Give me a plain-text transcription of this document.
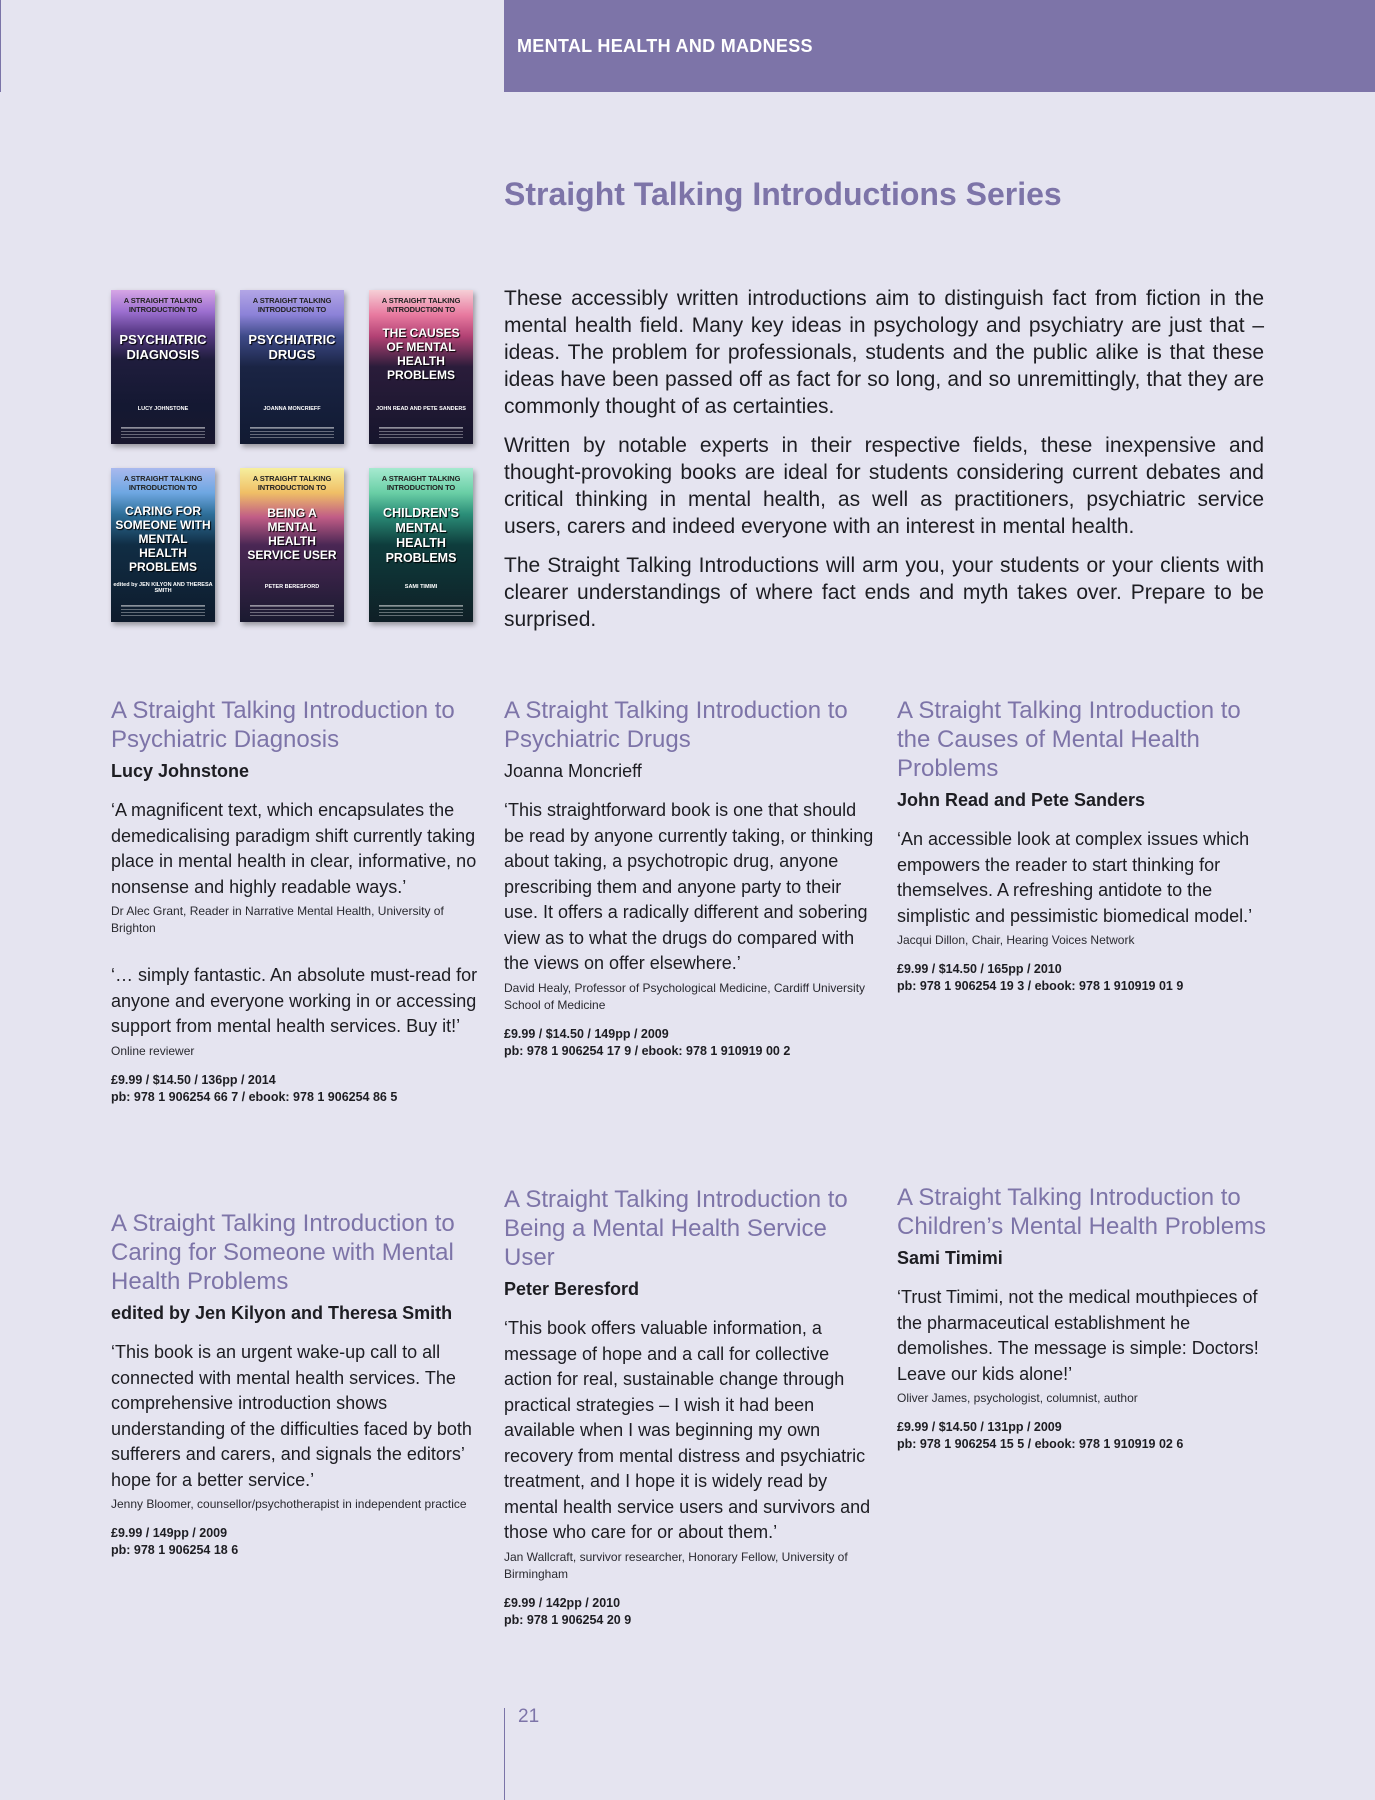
MENTAL HEALTH AND MADNESS
Straight Talking Introductions Series
A STRAIGHT TALKING INTRODUCTION TO
PSYCHIATRIC DIAGNOSIS
LUCY JOHNSTONE
A STRAIGHT TALKING INTRODUCTION TO
PSYCHIATRIC DRUGS
JOANNA MONCRIEFF
A STRAIGHT TALKING INTRODUCTION TO
THE CAUSES OF MENTAL HEALTH PROBLEMS
JOHN READ AND PETE SANDERS
A STRAIGHT TALKING INTRODUCTION TO
CARING FOR SOMEONE WITH MENTAL HEALTH PROBLEMS
edited by JEN KILYON AND THERESA SMITH
A STRAIGHT TALKING INTRODUCTION TO
BEING A MENTAL HEALTH SERVICE USER
PETER BERESFORD
A STRAIGHT TALKING INTRODUCTION TO
CHILDREN'S MENTAL HEALTH PROBLEMS
SAMI TIMIMI

These accessibly written introductions aim to distinguish fact from fiction in the mental health field. Many key ideas in psychology and psychiatry are just that – ideas. The problem for professionals, students and the public alike is that these ideas have been passed off as fact for so long, and so unremittingly, that they are commonly thought of as certainties.

Written by notable experts in their respective fields, these inexpensive and thought-provoking books are ideal for students considering current debates and critical thinking in mental health, as well as practitioners, psychiatric service users, carers and indeed everyone with an interest in mental health.

The Straight Talking Introductions will arm you, your students or your clients with clearer understandings of where fact ends and myth takes over. Prepare to be surprised.

A Straight Talking Introduction to Psychiatric Diagnosis
Lucy Johnstone
‘A magnificent text, which encapsulates the demedicalising paradigm shift currently taking place in mental health in clear, informative, no nonsense and highly readable ways.’
Dr Alec Grant, Reader in Narrative Mental Health, University of Brighton
‘… simply fantastic. An absolute must-read for anyone and everyone working in or accessing support from mental health services. Buy it!’
Online reviewer
£9.99 / $14.50 / 136pp / 2014
pb: 978 1 906254 66 7 / ebook: 978 1 906254 86 5
A Straight Talking Introduction to Psychiatric Drugs
Joanna Moncrieff
‘This straightforward book is one that should be read by anyone currently taking, or thinking about taking, a psychotropic drug, anyone prescribing them and anyone party to their use. It offers a radically different and sobering view as to what the drugs do compared with the views on offer elsewhere.’
David Healy, Professor of Psychological Medicine, Cardiff University School of Medicine
£9.99 / $14.50 / 149pp / 2009
pb: 978 1 906254 17 9 / ebook: 978 1 910919 00 2
A Straight Talking Introduction to the Causes of Mental Health Problems
John Read and Pete Sanders
‘An accessible look at complex issues which empowers the reader to start thinking for themselves. A refreshing antidote to the simplistic and pessimistic biomedical model.’
Jacqui Dillon, Chair, Hearing Voices Network
£9.99 / $14.50 / 165pp / 2010
pb: 978 1 906254 19 3 / ebook: 978 1 910919 01 9
A Straight Talking Introduction to Caring for Someone with Mental Health Problems
edited by Jen Kilyon and Theresa Smith
‘This book is an urgent wake-up call to all connected with mental health services. The comprehensive introduction shows understanding of the difficulties faced by both sufferers and carers, and signals the editors’ hope for a better service.’
Jenny Bloomer, counsellor/psychotherapist in independent practice
£9.99 / 149pp / 2009
pb: 978 1 906254 18 6
A Straight Talking Introduction to Being a Mental Health Service User
Peter Beresford
‘This book offers valuable information, a message of hope and a call for collective action for real, sustainable change through practical strategies – I wish it had been available when I was beginning my own recovery from mental distress and psychiatric treatment, and I hope it is widely read by mental health service users and survivors and those who care for or about them.’
Jan Wallcraft, survivor researcher, Honorary Fellow, University of Birmingham
£9.99 / 142pp / 2010
pb: 978 1 906254 20 9
A Straight Talking Introduction to Children’s Mental Health Problems
Sami Timimi
‘Trust Timimi, not the medical mouthpieces of the pharmaceutical establishment he demolishes. The message is simple: Doctors! Leave our kids alone!’
Oliver James, psychologist, columnist, author
£9.99 / $14.50 / 131pp / 2009
pb: 978 1 906254 15 5 / ebook: 978 1 910919 02 6
21
